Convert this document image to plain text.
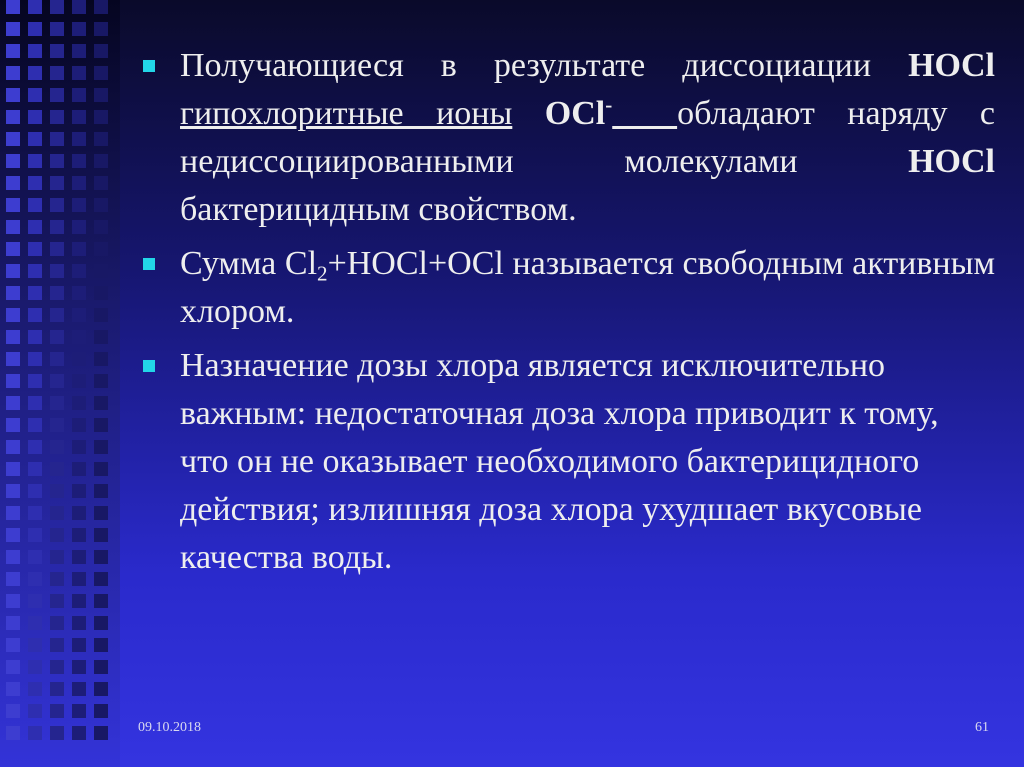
Получающиеся в результате диссоциации HOCl гипохлоритные ионы OCl- обладают наряду с недиссоциированными молекулами HOCl бактерицидным свойством.
Сумма $Cl_2+HOCl+OCl$ называется свободным активным хлором.
Назначение дозы хлора является исключительно важным: недостаточная доза хлора приводит к тому, что он не оказывает необходимого бактерицидного действия; излишняя доза хлора ухудшает вкусовые качества воды.
09.10.2018	61
